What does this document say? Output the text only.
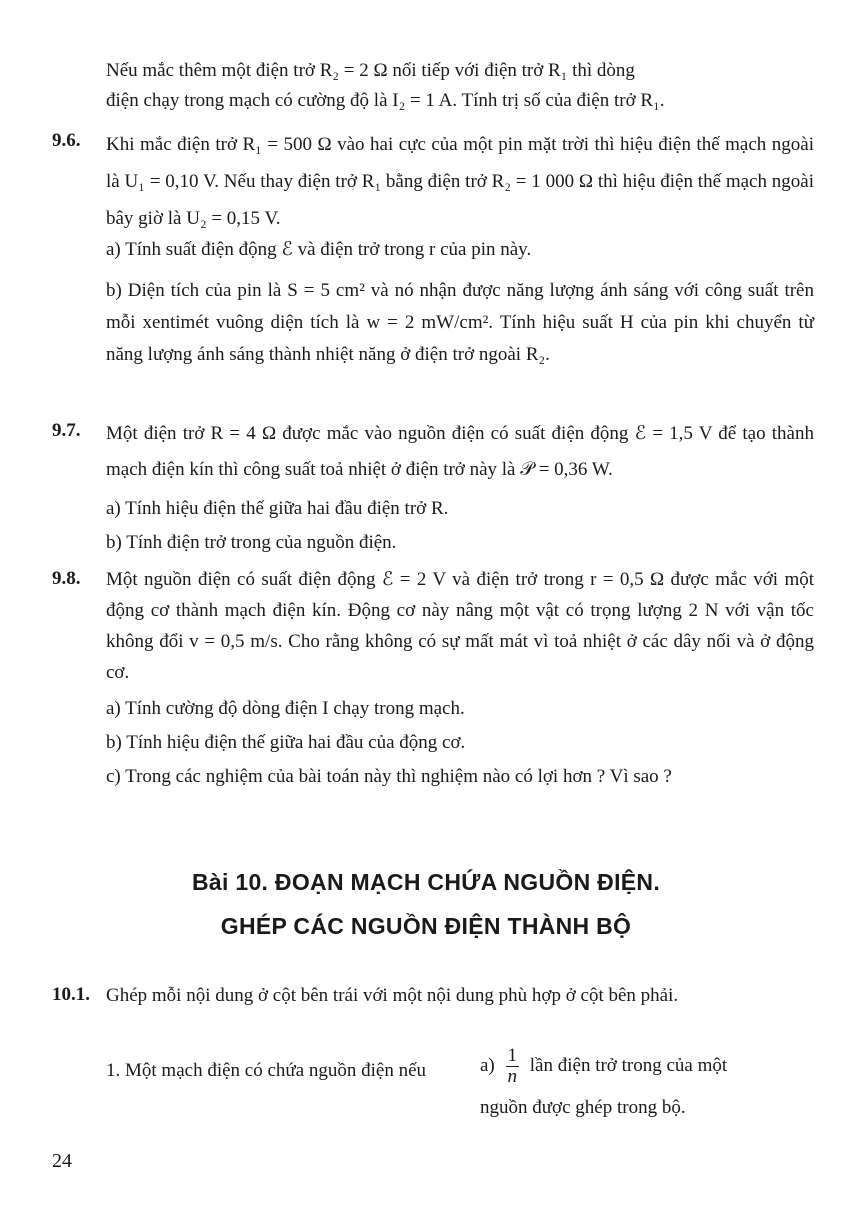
Nếu mắc thêm một điện trở R₂ = 2 Ω nối tiếp với điện trở R₁ thì dòng
điện chạy trong mạch có cường độ là I₂ = 1 A. Tính trị số của điện trở R₁.
9.6. Khi mắc điện trở R₁ = 500 Ω vào hai cực của một pin mặt trời thì hiệu điện thế mạch ngoài là U₁ = 0,10 V. Nếu thay điện trở R₁ bằng điện trở R₂ = 1 000 Ω thì hiệu điện thế mạch ngoài bây giờ là U₂ = 0,15 V.
a) Tính suất điện động ℰ và điện trở trong r của pin này.
b) Diện tích của pin là S = 5 cm² và nó nhận được năng lượng ánh sáng với công suất trên mỗi xentimét vuông diện tích là w = 2 mW/cm². Tính hiệu suất H của pin khi chuyển từ năng lượng ánh sáng thành nhiệt năng ở điện trở ngoài R₂.
9.7. Một điện trở R = 4 Ω được mắc vào nguồn điện có suất điện động ℰ = 1,5 V để tạo thành mạch điện kín thì công suất toả nhiệt ở điện trở này là 𝒫 = 0,36 W.
a) Tính hiệu điện thế giữa hai đầu điện trở R.
b) Tính điện trở trong của nguồn điện.
9.8. Một nguồn điện có suất điện động ℰ = 2 V và điện trở trong r = 0,5 Ω được mắc với một động cơ thành mạch điện kín. Động cơ này nâng một vật có trọng lượng 2 N với vận tốc không đổi v = 0,5 m/s. Cho rằng không có sự mất mát vì toả nhiệt ở các dây nối và ở động cơ.
a) Tính cường độ dòng điện I chạy trong mạch.
b) Tính hiệu điện thế giữa hai đầu của động cơ.
c) Trong các nghiệm của bài toán này thì nghiệm nào có lợi hơn ? Vì sao ?
Bài 10. ĐOẠN MẠCH CHỨA NGUỒN ĐIỆN.
GHÉP CÁC NGUỒN ĐIỆN THÀNH BỘ
10.1. Ghép mỗi nội dung ở cột bên trái với một nội dung phù hợp ở cột bên phải.
1. Một mạch điện có chứa nguồn điện nếu	$a) \frac{1}{n}$ lần điện trở trong của một
nguồn được ghép trong bộ.
24
